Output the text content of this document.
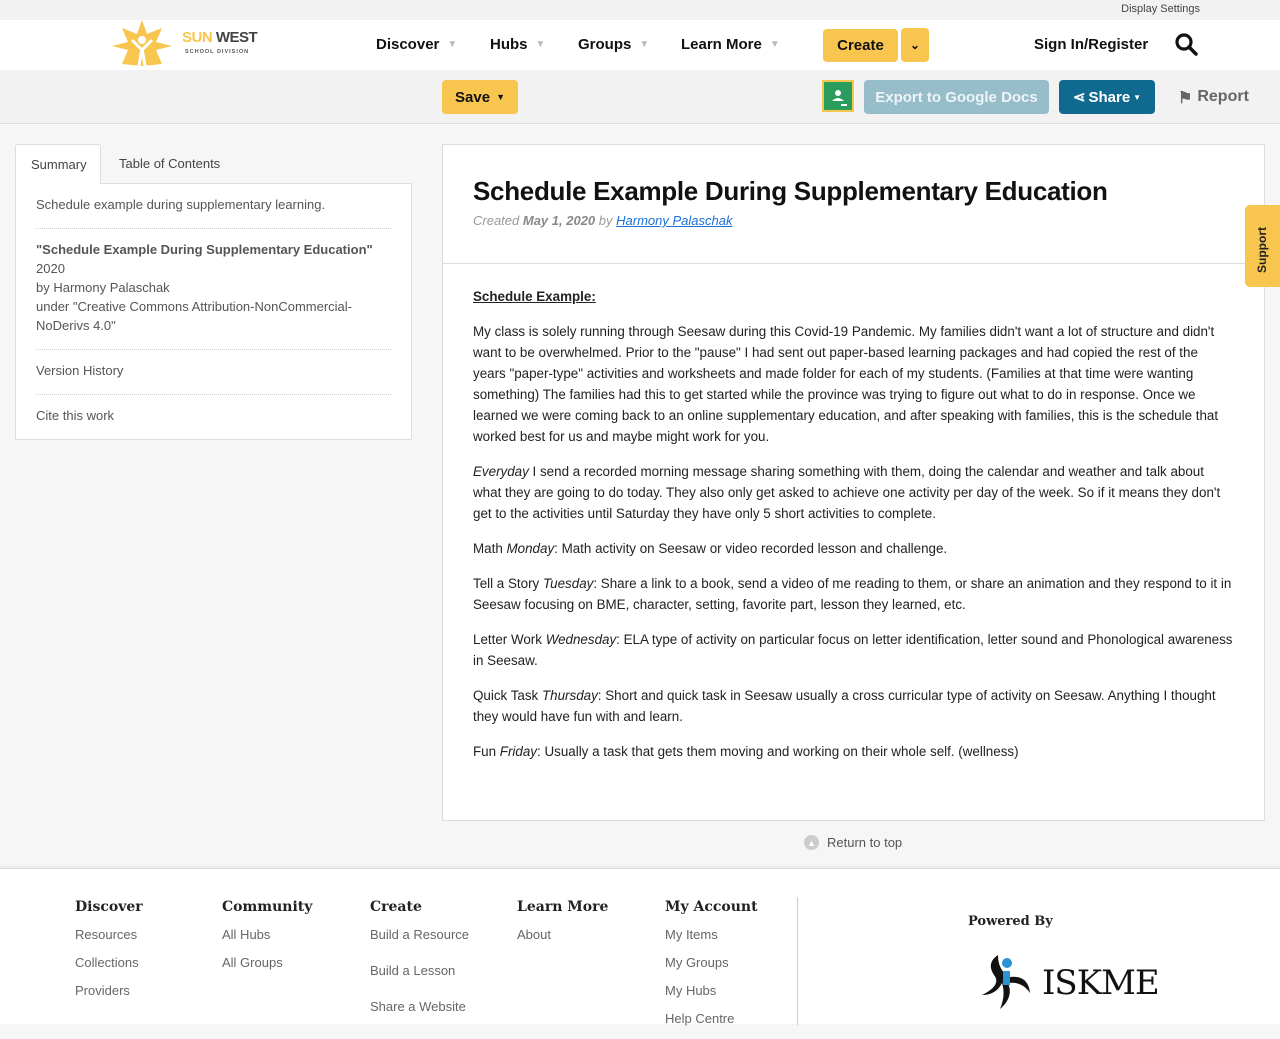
Display Settings
SUN WEST
SCHOOL DIVISION	Discover ▼ Hubs ▼ Groups ▼ Learn More ▼	Create	⌄	Sign In/Register
Save ▼	Export to Google Docs	⋖ Share ▼ ⚑ Report
Summary	Table of Contents
Schedule example during supplementary learning.
"Schedule Example During Supplementary Education" 2020
by Harmony Palaschak
under "Creative Commons Attribution-NonCommercial-NoDerivs 4.0"
Version History
Cite this work
Schedule Example During Supplementary Education
Created May 1, 2020 by Harmony Palaschak

Schedule Example:

My class is solely running through Seesaw during this Covid-19 Pandemic. My families didn't want a lot of structure and didn't want to be overwhelmed. Prior to the "pause" I had sent out paper-based learning packages and had copied the rest of the years "paper-type" activities and worksheets and made folder for each of my students. (Families at that time were wanting something) The families had this to get started while the province was trying to figure out what to do in response. Once we learned we were coming back to an online supplementary education, and after speaking with families, this is the schedule that worked best for us and maybe might work for you.

Everyday I send a recorded morning message sharing something with them, doing the calendar and weather and talk about what they are going to do today. They also only get asked to achieve one activity per day of the week. So if it means they don't get to the activities until Saturday they have only 5 short activities to complete.

Math Monday: Math activity on Seesaw or video recorded lesson and challenge.

Tell a Story Tuesday: Share a link to a book, send a video of me reading to them, or share an animation and they respond to it in Seesaw focusing on BME, character, setting, favorite part, lesson they learned, etc.

Letter Work Wednesday: ELA type of activity on particular focus on letter identification, letter sound and Phonological awareness in Seesaw.

Quick Task Thursday: Short and quick task in Seesaw usually a cross curricular type of activity on Seesaw. Anything I thought they would have fun with and learn.

Fun Friday: Usually a task that gets them moving and working on their whole self. (wellness)

Support
▲ Return to top
Discover
Resources
Collections
Providers
Community
All Hubs
All Groups
Create
Build a Resource
Build a Lesson
Share a Website
Learn More
About
My Account
My Items
My Groups
My Hubs
Help Centre
Powered By
ISKME
